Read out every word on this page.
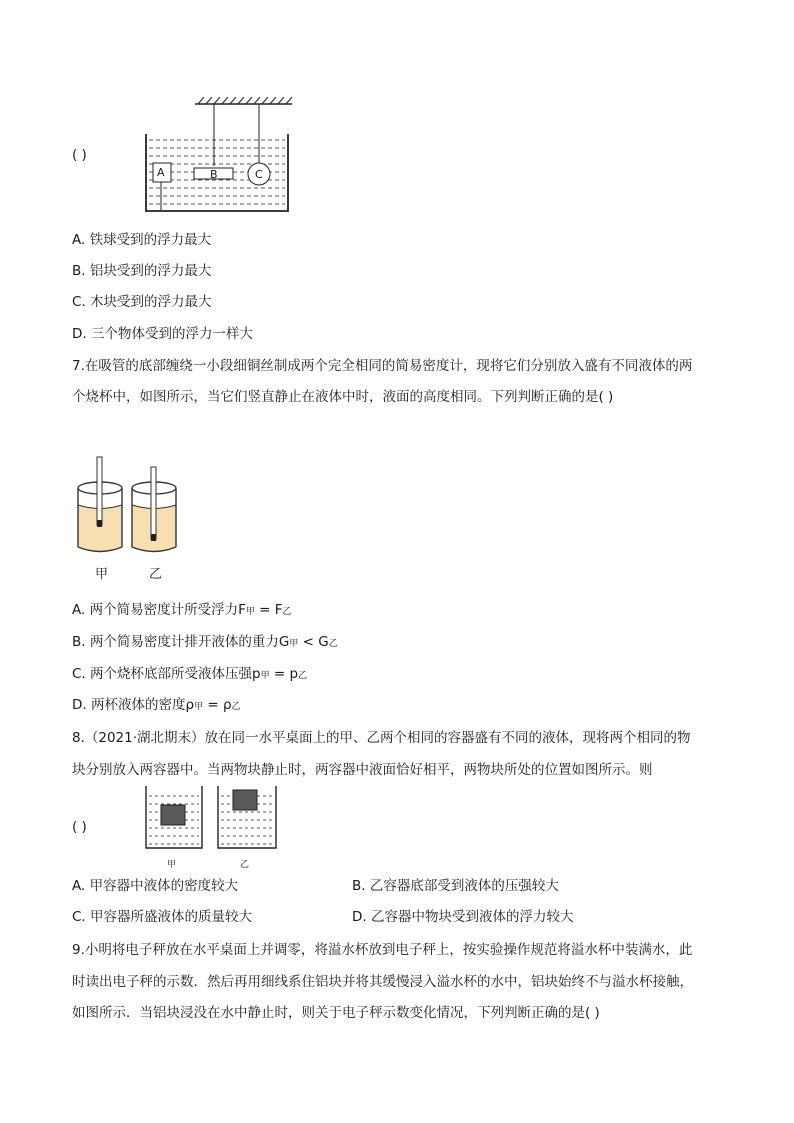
( )
A	B	C
A. 铁球受到的浮力最大
B. 铝块受到的浮力最大
C. 木块受到的浮力最大
D. 三个物体受到的浮力一样大
7.在吸管的底部缠绕一小段细铜丝制成两个完全相同的简易密度计，现将它们分别放入盛有不同液体的两
个烧杯中，如图所示，当它们竖直静止在液体中时，液面的高度相同。下列判断正确的是( )
甲	乙
A. 两个简易密度计所受浮力F甲 = F乙
B. 两个简易密度计排开液体的重力G甲 < G乙
C. 两个烧杯底部所受液体压强p甲 = p乙
D. 两杯液体的密度ρ甲 = ρ乙
8.（2021·湖北期末）放在同一水平桌面上的甲、乙两个相同的容器盛有不同的液体，现将两个相同的物
块分别放入两容器中。当两物块静止时，两容器中液面恰好相平，两物块所处的位置如图所示。则
( )
甲	乙
A. 甲容器中液体的密度较大	B. 乙容器底部受到液体的压强较大
C. 甲容器所盛液体的质量较大	D. 乙容器中物块受到液体的浮力较大
9.小明将电子秤放在水平桌面上并调零，将溢水杯放到电子秤上，按实验操作规范将溢水杯中装满水，此
时读出电子秤的示数．然后再用细线系住铝块并将其缓慢浸入溢水杯的水中，铝块始终不与溢水杯接触，
如图所示．当铝块浸没在水中静止时，则关于电子秤示数变化情况，下列判断正确的是( )
